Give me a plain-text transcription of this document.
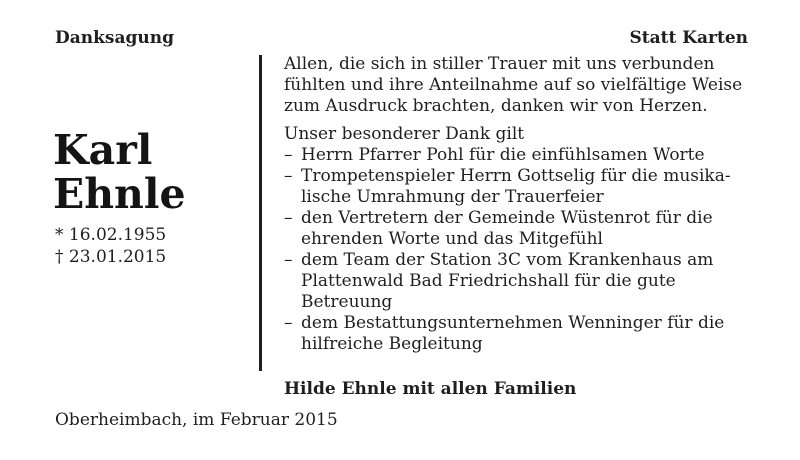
Danksagung	Statt Karten
Karl
Ehnle
* 16.02.1955
† 23.01.2015
Allen, die sich in stiller Trauer mit uns verbunden
fühlten und ihre Anteilnahme auf so vielfältige Weise
zum Ausdruck brachten, danken wir von Herzen.
Unser besonderer Dank gilt
– Herrn Pfarrer Pohl für die einfühlsamen Worte
– Trompetenspieler Herrn Gottselig für die musika-
lische Umrahmung der Trauerfeier
– den Vertretern der Gemeinde Wüstenrot für die
ehrenden Worte und das Mitgefühl
– dem Team der Station 3C vom Krankenhaus am
Plattenwald Bad Friedrichshall für die gute
Betreuung
– dem Bestattungsunternehmen Wenninger für die
hilfreiche Begleitung
Hilde Ehnle mit allen Familien
Oberheimbach, im Februar 2015
